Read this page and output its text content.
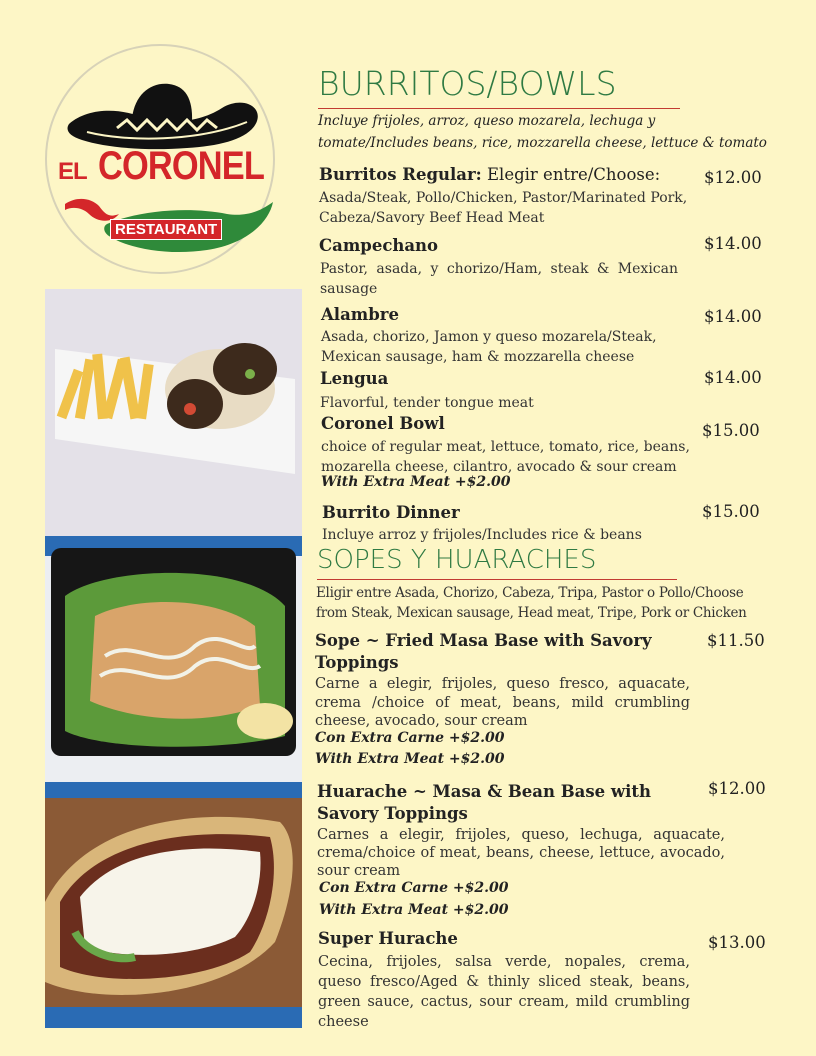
EL CORONEL
RESTAURANT
BURRITOS/BOWLS
Incluye frijoles, arroz, queso mozarela, lechuga y tomate/Includes beans, rice, mozzarella cheese, lettuce & tomato
Burritos Regular: Elegir entre/Choose:	$12.00
Asada/Steak, Pollo/Chicken, Pastor/Marinated Pork, Cabeza/Savory Beef Head Meat
Campechano	$14.00
Pastor, asada, y chorizo/Ham, steak & Mexican sausage
Alambre	$14.00
Asada, chorizo, Jamon y queso mozarela/Steak, Mexican sausage, ham & mozzarella cheese
Lengua	$14.00
Flavorful, tender tongue meat
Coronel Bowl	$15.00
choice of regular meat, lettuce, tomato, rice, beans, mozarella cheese, cilantro, avocado & sour cream
With Extra Meat +$2.00
Burrito Dinner	$15.00
Incluye arroz y frijoles/Includes rice & beans
SOPES Y HUARACHES
Eligir entre Asada, Chorizo, Cabeza, Tripa, Pastor o Pollo/Choose from Steak, Mexican sausage, Head meat, Tripe, Pork or Chicken
Sope ~ Fried Masa Base with Savory Toppings
$11.50
Carne a elegir, frijoles, queso fresco, aquacate, crema /choice of meat, beans, mild crumbling cheese, avocado, sour cream
Con Extra Carne +$2.00
With Extra Meat +$2.00
Huarache ~ Masa & Bean Base with Savory Toppings
$12.00
Carnes a elegir, frijoles, queso, lechuga, aquacate, crema/choice of meat, beans, cheese, lettuce, avocado, sour cream
Con Extra Carne +$2.00
With Extra Meat +$2.00
Super Hurache	$13.00
Cecina, frijoles, salsa verde, nopales, crema, queso fresco/Aged & thinly sliced steak, beans, green sauce, cactus, sour cream, mild crumbling cheese
